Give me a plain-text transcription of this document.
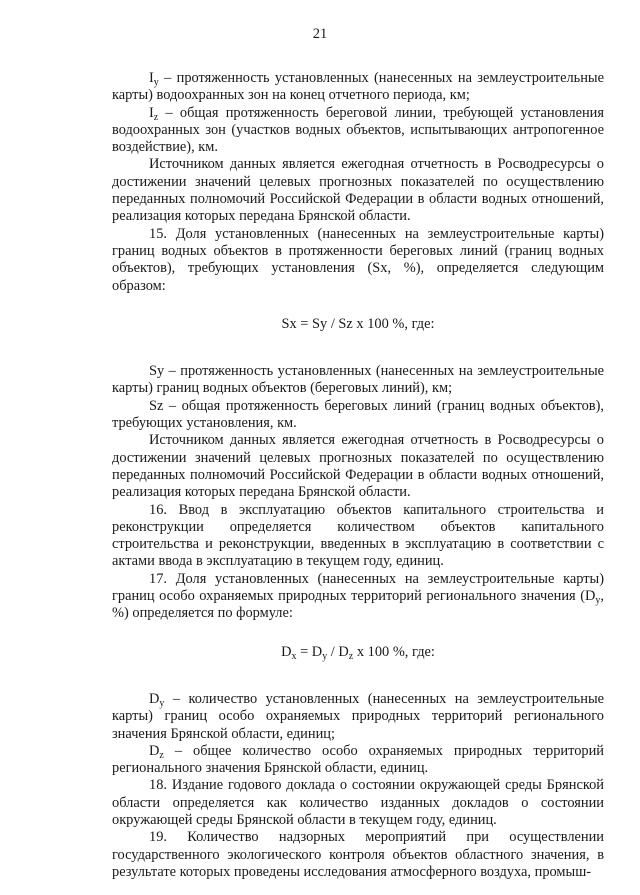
21

$I_y$ – протяженность установленных (нанесенных на землеустроительные карты) водоохранных зон на конец отчетного периода, км;

$I_z$ – общая протяженность береговой линии, требующей установления водоохранных зон (участков водных объектов, испытывающих антропогенное воздействие), км.

Источником данных является ежегодная отчетность в Росводресурсы о достижении значений целевых прогнозных показателей по осуществлению переданных полномочий Российской Федерации в области водных отношений, реализация которых передана Брянской области.

15. Доля установленных (нанесенных на землеустроительные карты) границ водных объектов в протяженности береговых линий (границ водных объектов), требующих установления (Sx, %), определяется следующим образом:

Sx = Sy / Sz x 100 %, где:

Sy – протяженность установленных (нанесенных на землеустроительные карты) границ водных объектов (береговых линий), км;

Sz – общая протяженность береговых линий (границ водных объектов), требующих установления, км.

Источником данных является ежегодная отчетность в Росводресурсы о достижении значений целевых прогнозных показателей по осуществлению переданных полномочий Российской Федерации в области водных отношений, реализация которых передана Брянской области.

16. Ввод в эксплуатацию объектов капитального строительства и реконструкции определяется количеством объектов капитального строительства и реконструкции, введенных в эксплуатацию в соответствии с актами ввода в эксплуатацию в текущем году, единиц.

17. Доля установленных (нанесенных на землеустроительные карты) границ особо охраняемых природных территорий регионального значения ($D_y$, %) определяется по формуле:

$D_x = D_y / D_z$ x 100 %, где:

$D_y$ – количество установленных (нанесенных на землеустроительные карты) границ особо охраняемых природных территорий регионального значения Брянской области, единиц;

$D_z$ – общее количество особо охраняемых природных территорий регионального значения Брянской области, единиц.

18. Издание годового доклада о состоянии окружающей среды Брянской области определяется как количество изданных докладов о состоянии окружающей среды Брянской области в текущем году, единиц.

19. Количество надзорных мероприятий при осуществлении государственного экологического контроля объектов областного значения, в результате которых проведены исследования атмосферного воздуха, промыш-
